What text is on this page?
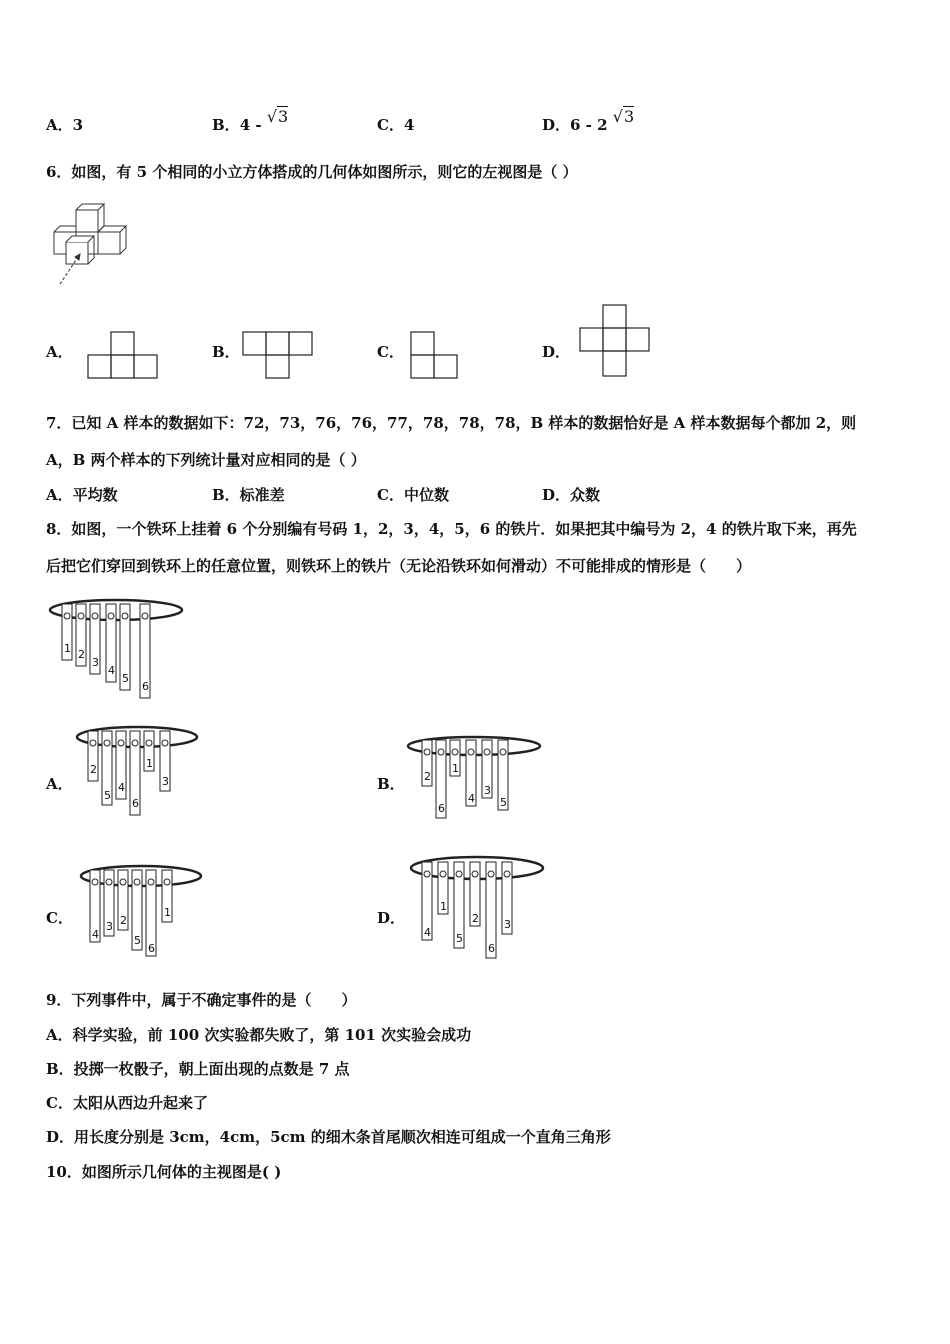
A．3	B．4 - √3	C．4	D．6 - 2 √3
6．如图，有 5 个相同的小立方体搭成的几何体如图所示，则它的左视图是（ ）
A．	B．	C．	D．
7．已知 A 样本的数据如下：72，73，76，76，77，78，78，78，B 样本的数据恰好是 A 样本数据每个都加 2，则
A，B 两个样本的下列统计量对应相同的是（ ）
A．平均数	B．标准差	C．中位数	D．众数
8．如图，一个铁环上挂着 6 个分别编有号码 1，2，3，4，5，6 的铁片．如果把其中编号为 2，4 的铁片取下来，再先
后把它们穿回到铁环上的任意位置，则铁环上的铁片（无论沿铁环如何滑动）不可能排成的情形是（　　）
1 2
3
4
5
6
A．
2
5
4
6
1
3	B． 2
6
1
4
3
5
C．
4
3 2
5
6
1	D．
4
1
5
2
6
3
9．下列事件中，属于不确定事件的是（　　）
A．科学实验，前 100 次实验都失败了，第 101 次实验会成功
B．投掷一枚骰子，朝上面出现的点数是 7 点
C．太阳从西边升起来了
D．用长度分别是 3cm，4cm，5cm 的细木条首尾顺次相连可组成一个直角三角形
10．如图所示几何体的主视图是( )
